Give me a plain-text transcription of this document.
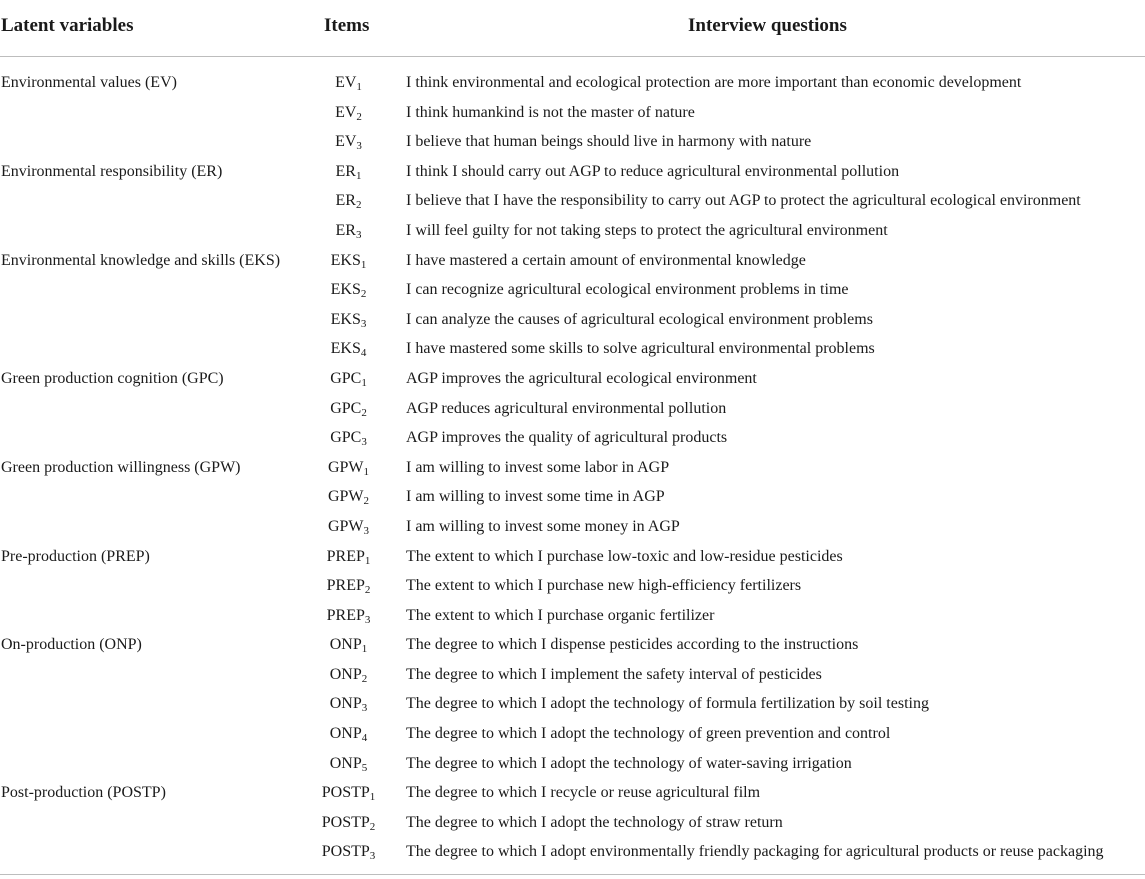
Latent variables	Items	Interview questions
Environmental values (EV)	$EV_1$	I think environmental and ecological protection are more important than economic development
$EV_2$	I think humankind is not the master of nature
$EV_3$	I believe that human beings should live in harmony with nature
Environmental responsibility (ER)	$ER_1$	I think I should carry out AGP to reduce agricultural environmental pollution
$ER_2$	I believe that I have the responsibility to carry out AGP to protect the agricultural ecological environment
$ER_3$	I will feel guilty for not taking steps to protect the agricultural environment
Environmental knowledge and skills (EKS)	$EKS_1$	I have mastered a certain amount of environmental knowledge
$EKS_2$	I can recognize agricultural ecological environment problems in time
$EKS_3$	I can analyze the causes of agricultural ecological environment problems
$EKS_4$	I have mastered some skills to solve agricultural environmental problems
Green production cognition (GPC)	$GPC_1$	AGP improves the agricultural ecological environment
$GPC_2$	AGP reduces agricultural environmental pollution
$GPC_3$	AGP improves the quality of agricultural products
Green production willingness (GPW)	$GPW_1$	I am willing to invest some labor in AGP
$GPW_2$	I am willing to invest some time in AGP
$GPW_3$	I am willing to invest some money in AGP
Pre-production (PREP)	$PREP_1$	The extent to which I purchase low-toxic and low-residue pesticides
$PREP_2$	The extent to which I purchase new high-efficiency fertilizers
$PREP_3$	The extent to which I purchase organic fertilizer
On-production (ONP)	$ONP_1$	The degree to which I dispense pesticides according to the instructions
$ONP_2$	The degree to which I implement the safety interval of pesticides
$ONP_3$	The degree to which I adopt the technology of formula fertilization by soil testing
$ONP_4$	The degree to which I adopt the technology of green prevention and control
$ONP_5$	The degree to which I adopt the technology of water-saving irrigation
Post-production (POSTP)	$POSTP_1$	The degree to which I recycle or reuse agricultural film
$POSTP_2$	The degree to which I adopt the technology of straw return
$POSTP_3$	The degree to which I adopt environmentally friendly packaging for agricultural products or reuse packaging
